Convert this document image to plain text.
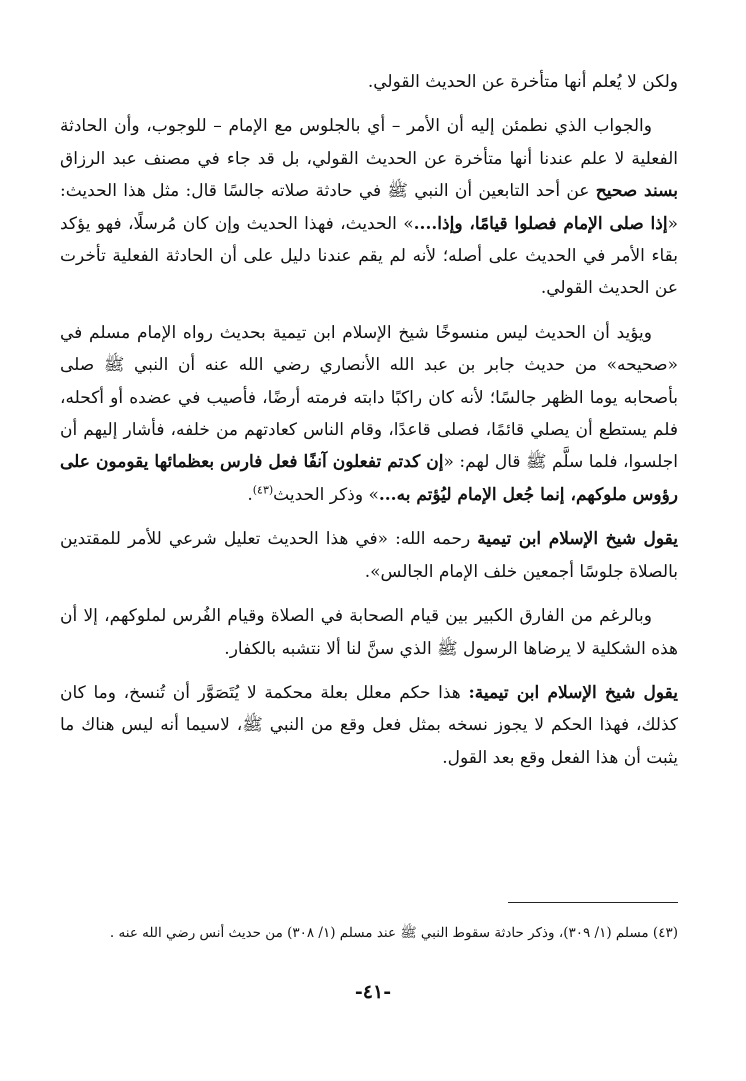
ولكن لا يُعلم أنها متأخرة عن الحديث القولي.

والجواب الذي نطمئن إليه أن الأمر – أي بالجلوس مع الإمام – للوجوب، وأن الحادثة الفعلية لا علم عندنا أنها متأخرة عن الحديث القولي، بل قد جاء في مصنف عبد الرزاق بسند صحيح عن أحد التابعين أن النبي ﷺ في حادثة صلاته جالسًا قال: مثل هذا الحديث: «إذا صلى الإمام فصلوا قيامًا، وإذا....» الحديث، فهذا الحديث وإن كان مُرسلًا، فهو يؤكد بقاء الأمر في الحديث على أصله؛ لأنه لم يقم عندنا دليل على أن الحادثة الفعلية تأخرت عن الحديث القولي.

ويؤيد أن الحديث ليس منسوخًا شيخ الإسلام ابن تيمية بحديث رواه الإمام مسلم في «صحيحه» من حديث جابر بن عبد الله الأنصاري رضي الله عنه أن النبي ﷺ صلى بأصحابه يوما الظهر جالسًا؛ لأنه كان راكبًا دابته فرمته أرضًا، فأصيب في عضده أو أكحله، فلم يستطع أن يصلي قائمًا، فصلى قاعدًا، وقام الناس كعادتهم من خلفه، فأشار إليهم أن اجلسوا، فلما سلَّم ﷺ قال لهم: «إن كدتم تفعلون آنفًا فعل فارس بعظمائها يقومون على رؤوس ملوكهم، إنما جُعل الإمام ليُؤتم به...» وذكر الحديث$^{(٤٣)}$.

يقول شيخ الإسلام ابن تيمية رحمه الله: «في هذا الحديث تعليل شرعي للأمر للمقتدين بالصلاة جلوسًا أجمعين خلف الإمام الجالس».

وبالرغم من الفارق الكبير بين قيام الصحابة في الصلاة وقيام الفُرس لملوكهم، إلا أن هذه الشكلية لا يرضاها الرسول ﷺ الذي سنَّ لنا ألا نتشبه بالكفار.

يقول شيخ الإسلام ابن تيمية: هذا حكم معلل بعلة محكمة لا يُتَصَوَّر أن تُنسخ، وما كان كذلك، فهذا الحكم لا يجوز نسخه بمثل فعل وقع من النبي ﷺ، لاسيما أنه ليس هناك ما يثبت أن هذا الفعل وقع بعد القول.

(٤٣) مسلم (١/ ٣٠٩)، وذكر حادثة سقوط النبي ﷺ عند مسلم (١/ ٣٠٨) من حديث أنس رضي الله عنه .
-٤١-
